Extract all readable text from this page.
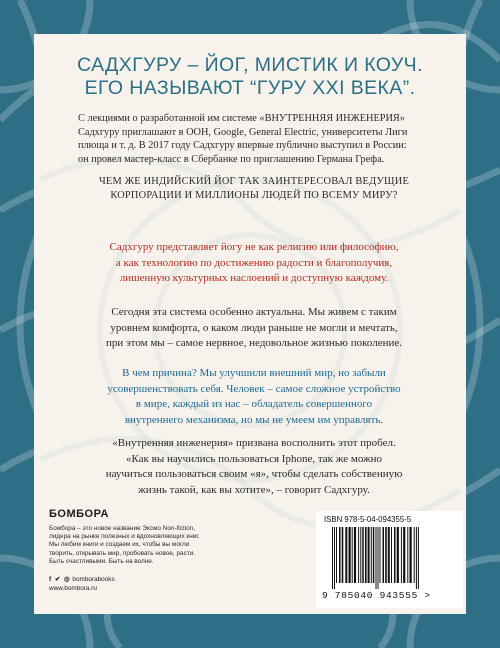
САДХГУРУ – ЙОГ, МИСТИК И КОУЧ.
ЕГО НАЗЫВАЮТ “ГУРУ XXI ВЕКА”.
С лекциями о разработанной им системе «ВНУТРЕННЯЯ ИНЖЕНЕРИЯ»
Садхгуру приглашают в ООН, Google, General Electric, университеты Лиги
плюща и т. д. В 2017 году Садхгуру впервые публично выступил в России:
он провел мастер-класс в Сбербанке по приглашению Германа Грефа.
ЧЕМ ЖЕ ИНДИЙСКИЙ ЙОГ ТАК ЗАИНТЕРЕСОВАЛ ВЕДУЩИЕ
КОРПОРАЦИИ И МИЛЛИОНЫ ЛЮДЕЙ ПО ВСЕМУ МИРУ?
Садхгуру представляет йогу не как религию или философию,
а как технологию по достижению радости и благополучия,
лишенную культурных наслоений и доступную каждому.
Сегодня эта система особенно актуальна. Мы живем с таким
уровнем комфорта, о каком люди раньше не могли и мечтать,
при этом мы – самое нервное, недовольное жизнью поколение.
В чем причина? Мы улучшили внешний мир, но забыли
усовершенствовать себя. Человек – самое сложное устройство
в мире, каждый из нас – обладатель совершенного
внутреннего механизма, но мы не умеем им управлять.
«Внутренняя инженерия» призвана восполнить этот пробел.
«Как вы научились пользоваться Iphone, так же можно
научиться пользоваться своим «я», чтобы сделать собственную
жизнь такой, как вы хотите», – говорит Садхгуру.
БОМБОРА
Бомбора – это новое название Эксмо Non-fiction,
лидера на рынке полезных и вдохновляющих книг.
Мы любим книги и создаем их, чтобы вы могли
творить, открывать мир, пробовать новое, расти.
Быть счастливыми. Быть на волне.
f ✔ ◎ bomborabooks
www.bombora.ru
ISBN 978-5-04-094355-5
9 785040 943555 >
